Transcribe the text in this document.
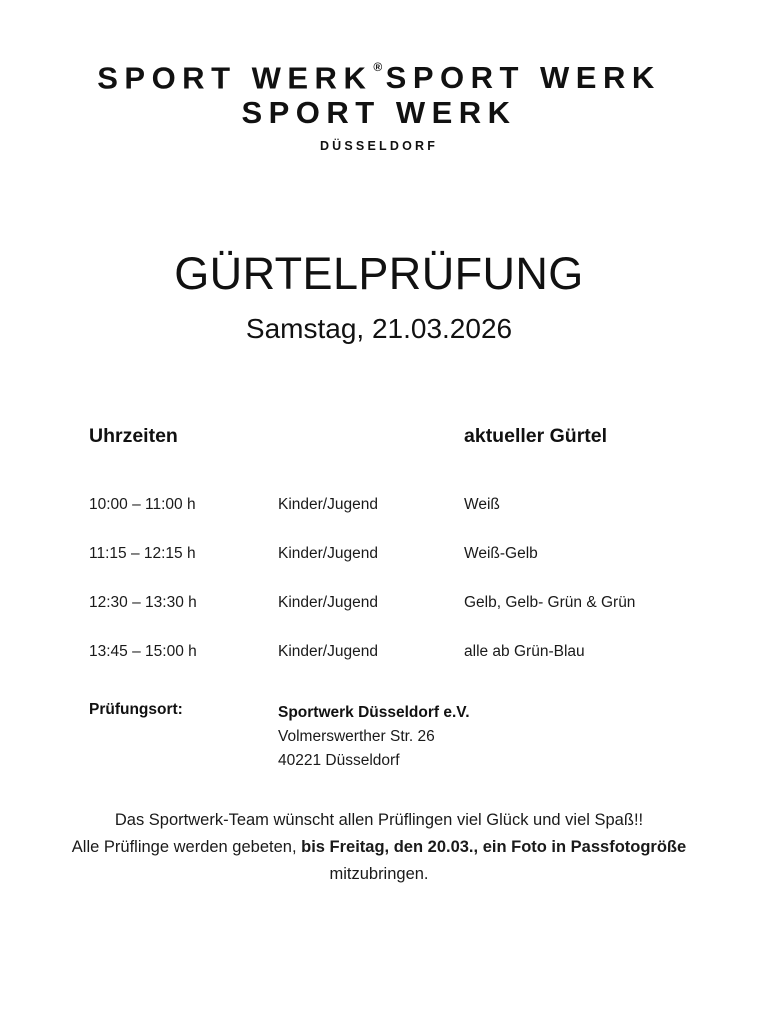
SPORT WERK® SPORT WERK SPORT WERK
DÜSSELDORF
GÜRTELPRÜFUNG
Samstag, 21.03.2026
Uhrzeiten	aktueller Gürtel
10:00 – 11:00 h	Kinder/Jugend	Weiß
11:15 – 12:15 h	Kinder/Jugend	Weiß-Gelb
12:30 – 13:30 h	Kinder/Jugend	Gelb, Gelb- Grün & Grün
13:45 – 15:00 h	Kinder/Jugend	alle ab Grün-Blau
Prüfungsort:	Sportwerk Düsseldorf e.V.
Volmerswerther Str. 26
40221 Düsseldorf
Das Sportwerk-Team wünscht allen Prüflingen viel Glück und viel Spaß!!
Alle Prüflinge werden gebeten, bis Freitag, den 20.03., ein Foto in Passfotogröße mitzubringen.
